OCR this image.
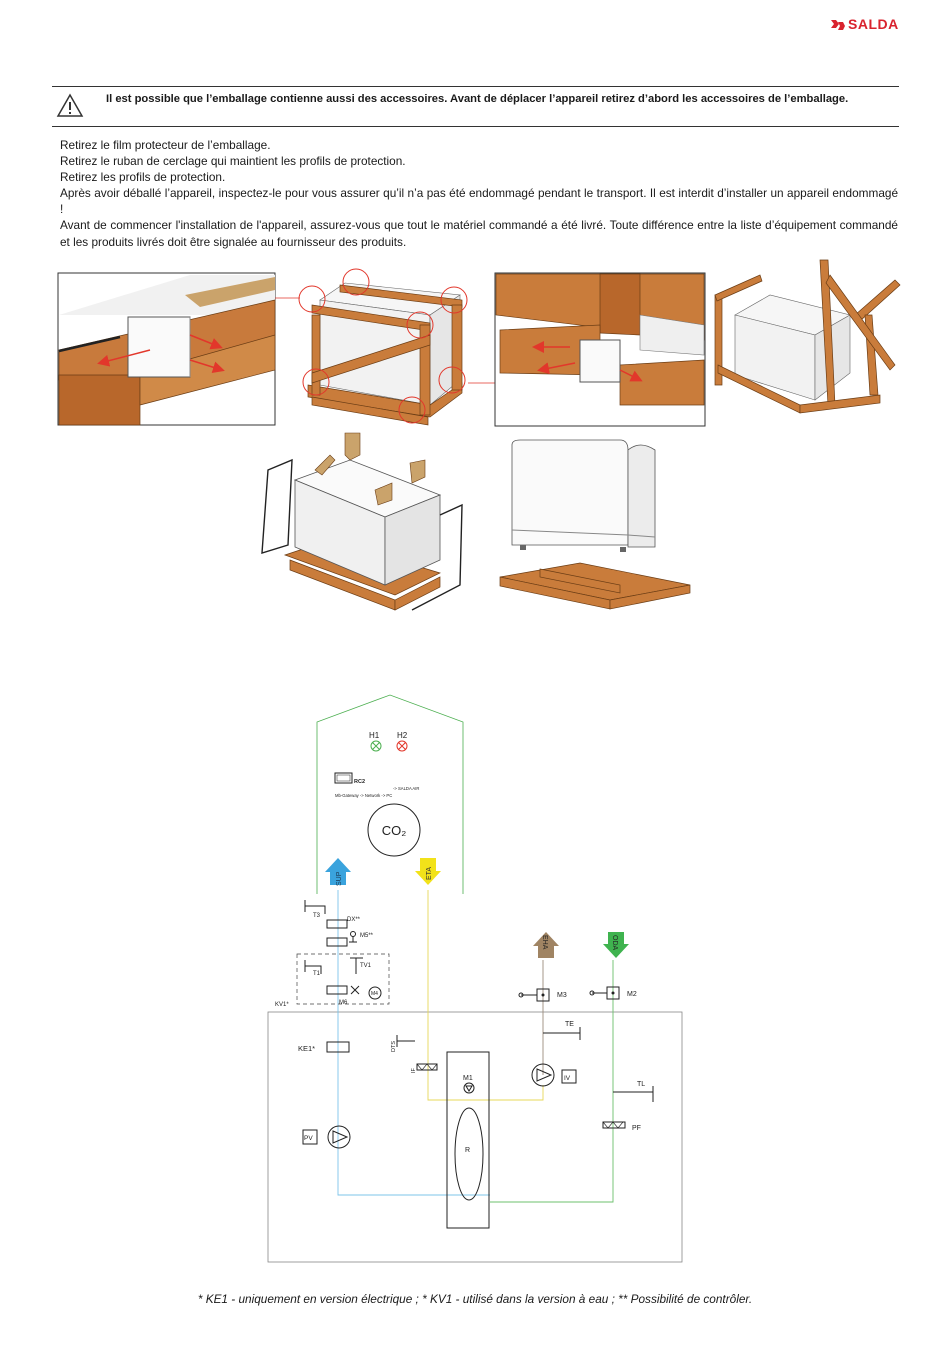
SALDA
Il est possible que l’emballage contienne aussi des accessoires. Avant de déplacer l’appareil retirez d’abord les accessoires de l’emballage.

Retirez le film protecteur de l’emballage.

Retirez le ruban de cerclage qui maintient les profils de protection.

Retirez les profils de protection.

Après avoir déballé l’appareil, inspectez-le pour vous assurer qu’il n’a pas été endommagé pendant le transport. Il est interdit d’installer un appareil endommagé !

Avant de commencer l'installation de l'appareil, assurez-vous que tout le matériel commandé a été livré. Toute différence entre la liste d’équipement commandé et les produits livrés doit être signalée au fournisseur des produits.

H1 H2
RC2
Mb-Gateway -> Network -> PC
-> SALDA AIR
CO₂
SUP	ETA
EHA	ODA
T3
DX**
M5**
KV1*
T1
TV1
M6
M4
KE1*
PV
DTS
IF
M1
R
M3	M2
TE
IV
TL
PF
* KE1 - uniquement en version électrique ; * KV1 - utilisé dans la version à eau ; ** Possibilité de contrôler.
